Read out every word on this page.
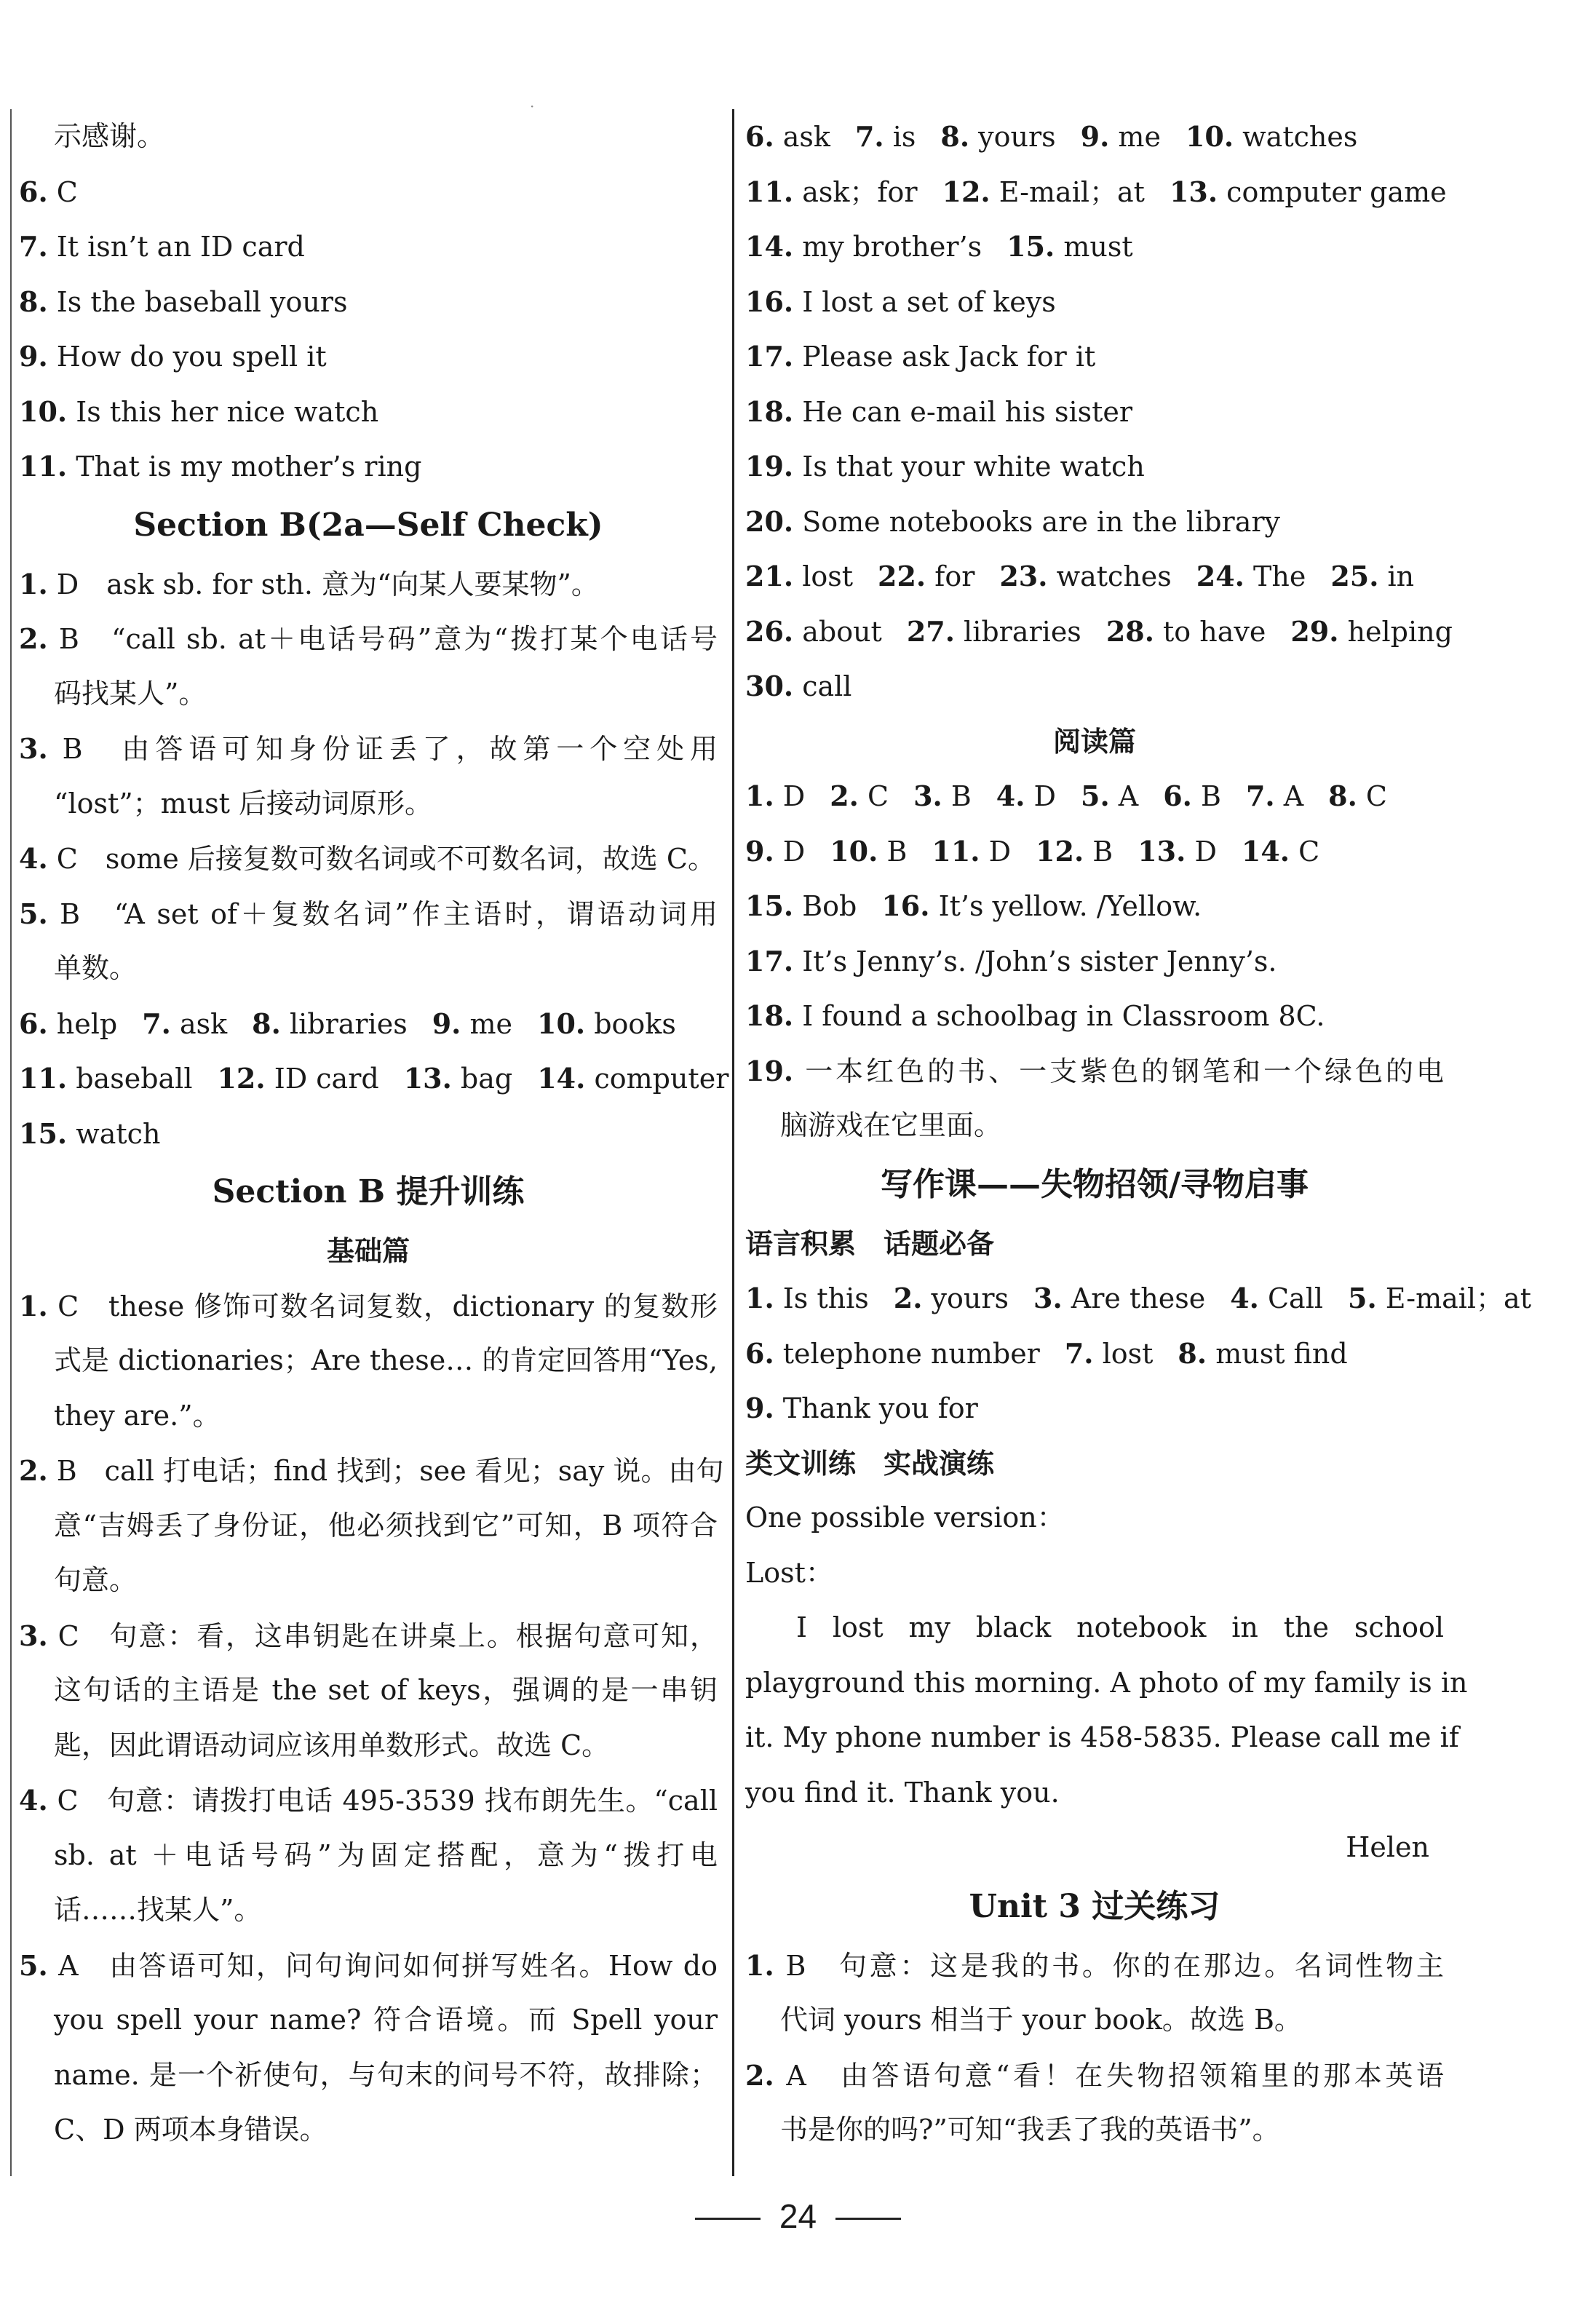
·
示感谢。
6. C
7. It isn’t an ID card
8. Is the baseball yours
9. How do you spell it
10. Is this her nice watch
11. That is my mother’s ring
Section B(2a—Self Check)
1. D　ask sb. for sth. 意为“向某人要某物”。
2. B　“call sb. at＋电话号码”意为“拨打某个电话号
码找某人”。
3. B　由答语可知身份证丢了，故第一个空处用
“lost”；must 后接动词原形。
4. C　some 后接复数可数名词或不可数名词，故选 C。
5. B　“A set of＋复数名词”作主语时，谓语动词用
单数。
6. help 7. ask 8. libraries 9. me 10. books
11. baseball 12. ID card 13. bag 14. computer
15. watch
Section B 提升训练
基础篇
1. C　these 修饰可数名词复数，dictionary 的复数形
式是 dictionaries；Are these… 的肯定回答用“Yes,
they are.”。
2. B　call 打电话；find 找到；see 看见；say 说。由句
意“吉姆丢了身份证，他必须找到它”可知，B 项符合
句意。
3. C　句意：看，这串钥匙在讲桌上。根据句意可知，
这句话的主语是 the set of keys，强调的是一串钥
匙，因此谓语动词应该用单数形式。故选 C。
4. C　句意：请拨打电话 495-3539 找布朗先生。“call
sb. at ＋电话号码”为固定搭配，意为“拨打电
话……找某人”。
5. A　由答语可知，问句询问如何拼写姓名。How do
you spell your name? 符合语境。而 Spell your
name. 是一个祈使句，与句末的问号不符，故排除；
C、D 两项本身错误。
6. ask 7. is 8. yours 9. me 10. watches
11. ask；for 12. E-mail；at 13. computer game
14. my brother’s 15. must
16. I lost a set of keys
17. Please ask Jack for it
18. He can e-mail his sister
19. Is that your white watch
20. Some notebooks are in the library
21. lost 22. for 23. watches 24. The 25. in
26. about 27. libraries 28. to have 29. helping
30. call
阅读篇
1. D 2. C 3. B 4. D 5. A 6. B 7. A 8. C
9. D 10. B 11. D 12. B 13. D 14. C
15. Bob 16. It’s yellow. /Yellow.
17. It’s Jenny’s. /John’s sister Jenny’s.
18. I found a schoolbag in Classroom 8C.
19. 一本红色的书、一支紫色的钢笔和一个绿色的电
脑游戏在它里面。
写作课——失物招领/寻物启事
语言积累　话题必备
1. Is this 2. yours 3. Are these 4. Call 5. E-mail；at
6. telephone number 7. lost 8. must find
9. Thank you for
类文训练　实战演练
One possible version：
Lost：
I lost my black notebook in the school
playground this morning. A photo of my family is in
it. My phone number is 458-5835. Please call me if
you find it. Thank you.
Helen
Unit 3 过关练习
1. B　句意：这是我的书。你的在那边。名词性物主
代词 yours 相当于 your book。故选 B。
2. A　由答语句意“看！在失物招领箱里的那本英语
书是你的吗?”可知“我丢了我的英语书”。
24
